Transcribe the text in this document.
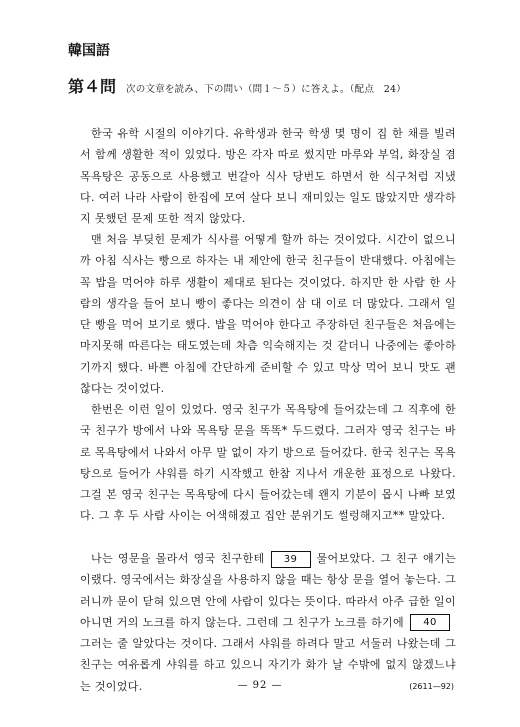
韓国語
第４問 次の文章を読み、下の問い（問１～５）に答えよ。（配点　24）

한국 유학 시절의 이야기다. 유학생과 한국 학생 몇 명이 집 한 채를 빌려서 함께 생활한 적이 있었다. 방은 각자 따로 썼지만 마루와 부엌, 화장실 겸 목욕탕은 공동으로 사용했고 번갈아 식사 당번도 하면서 한 식구처럼 지냈다. 여러 나라 사람이 한집에 모여 살다 보니 재미있는 일도 많았지만 생각하지 못했던 문제 또한 적지 않았다.

맨 처음 부딪힌 문제가 식사를 어떻게 할까 하는 것이었다. 시간이 없으니까 아침 식사는 빵으로 하자는 내 제안에 한국 친구들이 반대했다. 아침에는 꼭 밥을 먹어야 하루 생활이 제대로 된다는 것이었다. 하지만 한 사람 한 사람의 생각을 들어 보니 빵이 좋다는 의견이 삼 대 이로 더 많았다. 그래서 일단 빵을 먹어 보기로 했다. 밥을 먹어야 한다고 주장하던 친구들은 처음에는 마지못해 따른다는 태도였는데 차츰 익숙해지는 것 같더니 나중에는 좋아하기까지 했다. 바쁜 아침에 간단하게 준비할 수 있고 막상 먹어 보니 맛도 괜찮다는 것이었다.

한번은 이런 일이 있었다. 영국 친구가 목욕탕에 들어갔는데 그 직후에 한국 친구가 방에서 나와 목욕탕 문을 똑똑* 두드렸다. 그러자 영국 친구는 바로 목욕탕에서 나와서 아무 말 없이 자기 방으로 들어갔다. 한국 친구는 목욕탕으로 들어가 샤워를 하기 시작했고 한참 지나서 개운한 표정으로 나왔다. 그걸 본 영국 친구는 목욕탕에 다시 들어갔는데 왠지 기분이 몹시 나빠 보였다. 그 후 두 사람 사이는 어색해졌고 집안 분위기도 썰렁해지고** 말았다.

나는 영문을 몰라서 영국 친구한테 39 물어보았다. 그 친구 얘기는 이랬다. 영국에서는 화장실을 사용하지 않을 때는 항상 문을 열어 놓는다. 그러니까 문이 닫혀 있으면 안에 사람이 있다는 뜻이다. 따라서 아주 급한 일이 아니면 거의 노크를 하지 않는다. 그런데 그 친구가 노크를 하기에 40그러는 줄 알았다는 것이다. 그래서 샤워를 하려다 말고 서둘러 나왔는데 그 친구는 여유롭게 샤워를 하고 있으니 자기가 화가 날 수밖에 없지 않겠느냐는 것이었다.	— 92 —	(2611—92)
